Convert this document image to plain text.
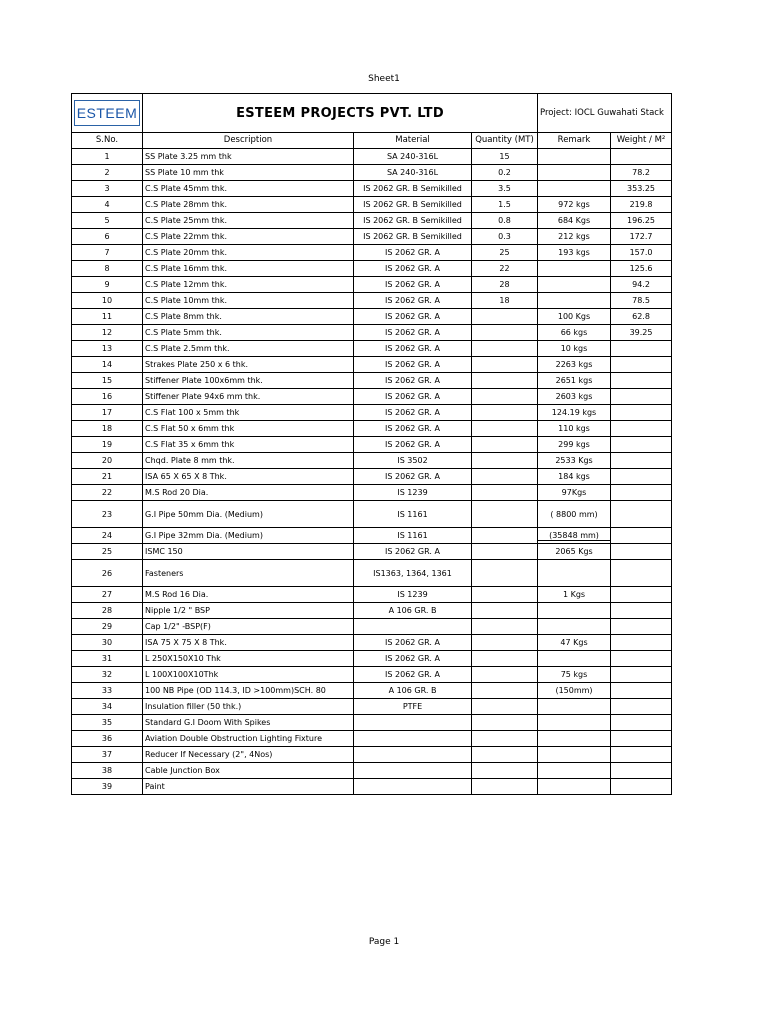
Sheet1
ESTEEM	ESTEEM PROJECTS PVT. LTD			Project: IOCL Guwahati Stack	
S.No.	Description	Material	Quantity (MT)	Remark	Weight / M²
1	SS Plate 3.25 mm thk	SA 240-316L	15		
2	SS Plate 10 mm thk	SA 240-316L	0.2		78.2
3	C.S Plate 45mm thk.	IS 2062 GR. B Semikilled	3.5		353.25
4	C.S Plate 28mm thk.	IS 2062 GR. B Semikilled	1.5	972 kgs	219.8
5	C.S Plate 25mm thk.	IS 2062 GR. B Semikilled	0.8	684 Kgs	196.25
6	C.S Plate 22mm thk.	IS 2062 GR. B Semikilled	0.3	212 kgs	172.7
7	C.S Plate 20mm thk.	IS 2062 GR. A	25	193 kgs	157.0
8	C.S Plate 16mm thk.	IS 2062 GR. A	22		125.6
9	C.S Plate 12mm thk.	IS 2062 GR. A	28		94.2
10	C.S Plate 10mm thk.	IS 2062 GR. A	18		78.5
11	C.S Plate 8mm thk.	IS 2062 GR. A		100 Kgs	62.8
12	C.S Plate 5mm thk.	IS 2062 GR. A		66 kgs	39.25
13	C.S Plate 2.5mm thk.	IS 2062 GR. A		10 kgs	
14	Strakes Plate 250 x 6 thk.	IS 2062 GR. A		2263 kgs	
15	Stiffener Plate 100x6mm thk.	IS 2062 GR. A		2651 kgs	
16	Stiffener Plate 94x6 mm thk.	IS 2062 GR. A		2603 kgs	
17	C.S Flat 100 x 5mm thk	IS 2062 GR. A		124.19 kgs	
18	C.S Flat 50 x 6mm thk	IS 2062 GR. A		110 kgs	
19	C.S Flat 35 x 6mm thk	IS 2062 GR. A		299 kgs	
20	Chqd. Plate 8 mm thk.	IS 3502		2533 Kgs	
21	ISA 65 X 65 X 8 Thk.	IS 2062 GR. A		184 kgs	
22	M.S Rod 20 Dia.	IS 1239		97Kgs	
23	G.I Pipe 50mm Dia. (Medium)	IS 1161		( 8800 mm)	
24	G.I Pipe 32mm Dia. (Medium)	IS 1161		(35848 mm)	

25	ISMC 150	IS 2062 GR. A		2065 Kgs	
26	Fasteners	IS1363, 1364, 1361			
27	M.S Rod 16 Dia.	IS 1239		1 Kgs	
28	Nipple 1/2 " BSP	A 106 GR. B			
29	Cap 1/2" -BSP(F)				
30	ISA 75 X 75 X 8 Thk.	IS 2062 GR. A		47 Kgs	
31	L 250X150X10 Thk	IS 2062 GR. A			
32	L 100X100X10Thk	IS 2062 GR. A		75 kgs	
33	100 NB Pipe (OD 114.3, ID >100mm)SCH. 80	A 106 GR. B		(150mm)	
34	Insulation filler (50 thk.)	PTFE			
35	Standard G.I Doom With Spikes				
36	Aviation Double Obstruction Lighting Fixture				
37	Reducer If Necessary (2", 4Nos)				
38	Cable Junction Box				
39	Paint				
Page 1
